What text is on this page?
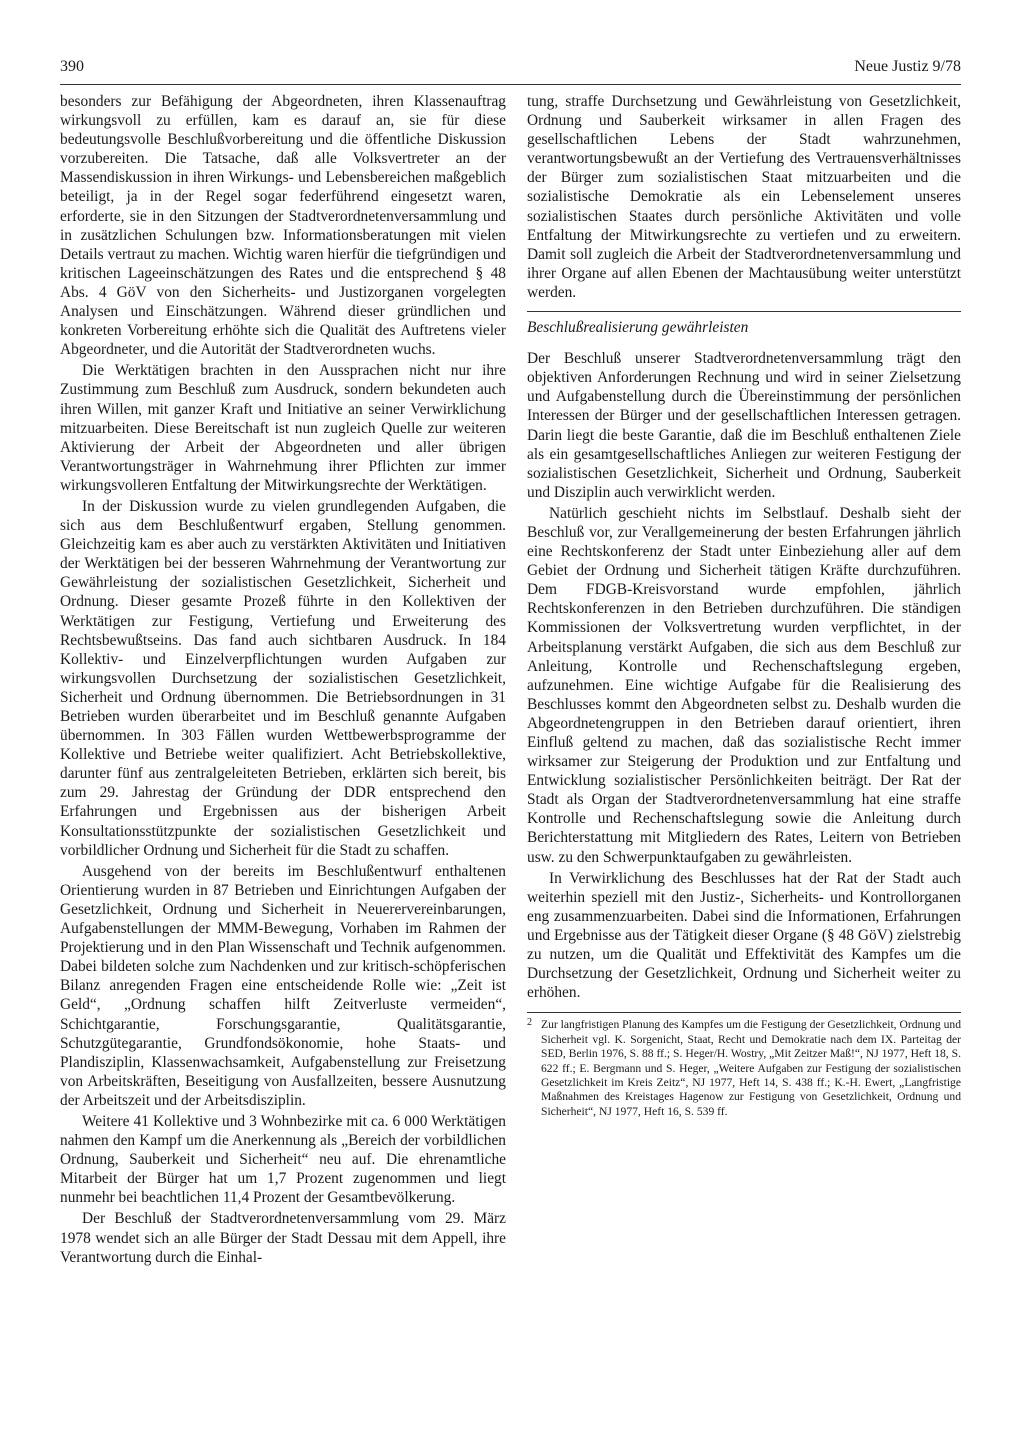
390	Neue Justiz 9/78

besonders zur Befähigung der Abgeordneten, ihren Klassenauftrag wirkungsvoll zu erfüllen, kam es darauf an, sie für diese bedeutungsvolle Beschlußvorbereitung und die öffentliche Diskussion vorzubereiten. Die Tatsache, daß alle Volksvertreter an der Massendiskussion in ihren Wirkungs- und Lebensbereichen maßgeblich beteiligt, ja in der Regel sogar federführend eingesetzt waren, erforderte, sie in den Sitzungen der Stadtverordnetenversammlung und in zusätzlichen Schulungen bzw. Informationsberatungen mit vielen Details vertraut zu machen. Wichtig waren hierfür die tiefgründigen und kritischen Lageeinschätzungen des Rates und die entsprechend § 48 Abs. 4 GöV von den Sicherheits- und Justizorganen vorgelegten Analysen und Einschätzungen. Während dieser gründlichen und konkreten Vorbereitung erhöhte sich die Qualität des Auftretens vieler Abgeordneter, und die Autorität der Stadtverordneten wuchs.

Die Werktätigen brachten in den Aussprachen nicht nur ihre Zustimmung zum Beschluß zum Ausdruck, sondern bekundeten auch ihren Willen, mit ganzer Kraft und Initiative an seiner Verwirklichung mitzuarbeiten. Diese Bereitschaft ist nun zugleich Quelle zur weiteren Aktivierung der Arbeit der Abgeordneten und aller übrigen Verantwortungsträger in Wahrnehmung ihrer Pflichten zur immer wirkungsvolleren Entfaltung der Mitwirkungsrechte der Werktätigen.

In der Diskussion wurde zu vielen grundlegenden Aufgaben, die sich aus dem Beschlußentwurf ergaben, Stellung genommen. Gleichzeitig kam es aber auch zu verstärkten Aktivitäten und Initiativen der Werktätigen bei der besseren Wahrnehmung der Verantwortung zur Gewährleistung der sozialistischen Gesetzlichkeit, Sicherheit und Ordnung. Dieser gesamte Prozeß führte in den Kollektiven der Werktätigen zur Festigung, Vertiefung und Erweiterung des Rechtsbewußtseins. Das fand auch sichtbaren Ausdruck. In 184 Kollektiv- und Einzelverpflichtungen wurden Aufgaben zur wirkungsvollen Durchsetzung der sozialistischen Gesetzlichkeit, Sicherheit und Ordnung übernommen. Die Betriebsordnungen in 31 Betrieben wurden überarbeitet und im Beschluß genannte Aufgaben übernommen. In 303 Fällen wurden Wettbewerbsprogramme der Kollektive und Betriebe weiter qualifiziert. Acht Betriebskollektive, darunter fünf aus zentralgeleiteten Betrieben, erklärten sich bereit, bis zum 29. Jahrestag der Gründung der DDR entsprechend den Erfahrungen und Ergebnissen aus der bisherigen Arbeit Konsultationsstützpunkte der sozialistischen Gesetzlichkeit und vorbildlicher Ordnung und Sicherheit für die Stadt zu schaffen.

Ausgehend von der bereits im Beschlußentwurf enthaltenen Orientierung wurden in 87 Betrieben und Einrichtungen Aufgaben der Gesetzlichkeit, Ordnung und Sicherheit in Neuerervereinbarungen, Aufgabenstellungen der MMM-Bewegung, Vorhaben im Rahmen der Projektierung und in den Plan Wissenschaft und Technik aufgenommen. Dabei bildeten solche zum Nachdenken und zur kritisch-schöpferischen Bilanz anregenden Fragen eine entscheidende Rolle wie: „Zeit ist Geld“, „Ordnung schaffen hilft Zeitverluste vermeiden“, Schichtgarantie, Forschungsgarantie, Qualitätsgarantie, Schutzgütegarantie, Grundfondsökonomie, hohe Staats- und Plandisziplin, Klassenwachsamkeit, Aufgabenstellung zur Freisetzung von Arbeitskräften, Beseitigung von Ausfallzeiten, bessere Ausnutzung der Arbeitszeit und der Arbeitsdisziplin.

Weitere 41 Kollektive und 3 Wohnbezirke mit ca. 6 000 Werktätigen nahmen den Kampf um die Anerkennung als „Bereich der vorbildlichen Ordnung, Sauberkeit und Sicherheit“ neu auf. Die ehrenamtliche Mitarbeit der Bürger hat um 1,7 Prozent zugenommen und liegt nunmehr bei beachtlichen 11,4 Prozent der Gesamtbevölkerung.

Der Beschluß der Stadtverordnetenversammlung vom 29. März 1978 wendet sich an alle Bürger der Stadt Dessau mit dem Appell, ihre Verantwortung durch die Einhal-

tung, straffe Durchsetzung und Gewährleistung von Gesetzlichkeit, Ordnung und Sauberkeit wirksamer in allen Fragen des gesellschaftlichen Lebens der Stadt wahrzunehmen, verantwortungsbewußt an der Vertiefung des Vertrauensverhältnisses der Bürger zum sozialistischen Staat mitzuarbeiten und die sozialistische Demokratie als ein Lebenselement unseres sozialistischen Staates durch persönliche Aktivitäten und volle Entfaltung der Mitwirkungsrechte zu vertiefen und zu erweitern. Damit soll zugleich die Arbeit der Stadtverordnetenversammlung und ihrer Organe auf allen Ebenen der Machtausübung weiter unterstützt werden.

Beschlußrealisierung gewährleisten

Der Beschluß unserer Stadtverordnetenversammlung trägt den objektiven Anforderungen Rechnung und wird in seiner Zielsetzung und Aufgabenstellung durch die Übereinstimmung der persönlichen Interessen der Bürger und der gesellschaftlichen Interessen getragen. Darin liegt die beste Garantie, daß die im Beschluß enthaltenen Ziele als ein gesamtgesellschaftliches Anliegen zur weiteren Festigung der sozialistischen Gesetzlichkeit, Sicherheit und Ordnung, Sauberkeit und Disziplin auch verwirklicht werden.

Natürlich geschieht nichts im Selbstlauf. Deshalb sieht der Beschluß vor, zur Verallgemeinerung der besten Erfahrungen jährlich eine Rechtskonferenz der Stadt unter Einbeziehung aller auf dem Gebiet der Ordnung und Sicherheit tätigen Kräfte durchzuführen. Dem FDGB-Kreisvorstand wurde empfohlen, jährlich Rechtskonferenzen in den Betrieben durchzuführen. Die ständigen Kommissionen der Volksvertretung wurden verpflichtet, in der Arbeitsplanung verstärkt Aufgaben, die sich aus dem Beschluß zur Anleitung, Kontrolle und Rechenschaftslegung ergeben, aufzunehmen. Eine wichtige Aufgabe für die Realisierung des Beschlusses kommt den Abgeordneten selbst zu. Deshalb wurden die Abgeordnetengruppen in den Betrieben darauf orientiert, ihren Einfluß geltend zu machen, daß das sozialistische Recht immer wirksamer zur Steigerung der Produktion und zur Entfaltung und Entwicklung sozialistischer Persönlichkeiten beiträgt. Der Rat der Stadt als Organ der Stadtverordnetenversammlung hat eine straffe Kontrolle und Rechenschaftslegung sowie die Anleitung durch Berichterstattung mit Mitgliedern des Rates, Leitern von Betrieben usw. zu den Schwerpunktaufgaben zu gewährleisten.

In Verwirklichung des Beschlusses hat der Rat der Stadt auch weiterhin speziell mit den Justiz-, Sicherheits- und Kontrollorganen eng zusammenzuarbeiten. Dabei sind die Informationen, Erfahrungen und Ergebnisse aus der Tätigkeit dieser Organe (§ 48 GöV) zielstrebig zu nutzen, um die Qualität und Effektivität des Kampfes um die Durchsetzung der Gesetzlichkeit, Ordnung und Sicherheit weiter zu erhöhen.

2 Zur langfristigen Planung des Kampfes um die Festigung der Gesetzlichkeit, Ordnung und Sicherheit vgl. K. Sorgenicht, Staat, Recht und Demokratie nach dem IX. Parteitag der SED, Berlin 1976, S. 88 ff.; S. Heger/H. Wostry, „Mit Zeitzer Maß!“, NJ 1977, Heft 18, S. 622 ff.; E. Bergmann und S. Heger, „Weitere Aufgaben zur Festigung der sozialistischen Gesetzlichkeit im Kreis Zeitz“, NJ 1977, Heft 14, S. 438 ff.; K.-H. Ewert, „Langfristige Maßnahmen des Kreistages Hagenow zur Festigung von Gesetzlichkeit, Ordnung und Sicherheit“, NJ 1977, Heft 16, S. 539 ff.
